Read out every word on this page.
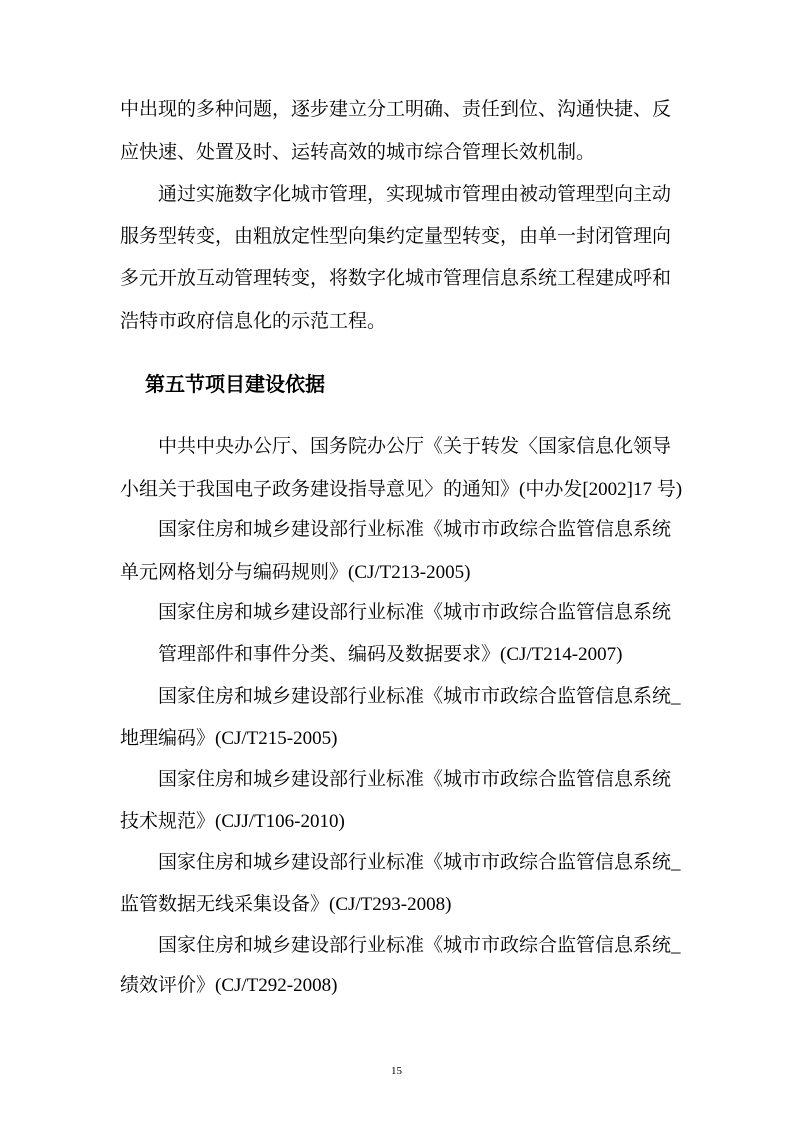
中出现的多种问题，逐步建立分工明确、责任到位、沟通快捷、反
应快速、处置及时、运转高效的城市综合管理长效机制。
通过实施数字化城市管理，实现城市管理由被动管理型向主动
服务型转变，由粗放定性型向集约定量型转变，由单一封闭管理向
多元开放互动管理转变，将数字化城市管理信息系统工程建成呼和
浩特市政府信息化的示范工程。
第五节项目建设依据
中共中央办公厅、国务院办公厅《关于转发〈国家信息化领导
小组关于我国电子政务建设指导意见〉的通知》(中办发[2002]17 号)
国家住房和城乡建设部行业标准《城市市政综合监管信息系统
单元网格划分与编码规则》(CJ/T213-2005)
国家住房和城乡建设部行业标准《城市市政综合监管信息系统
管理部件和事件分类、编码及数据要求》(CJ/T214-2007)
国家住房和城乡建设部行业标准《城市市政综合监管信息系统_
地理编码》(CJ/T215-2005)
国家住房和城乡建设部行业标准《城市市政综合监管信息系统
技术规范》(CJJ/T106-2010)
国家住房和城乡建设部行业标准《城市市政综合监管信息系统_
监管数据无线采集设备》(CJ/T293-2008)
国家住房和城乡建设部行业标准《城市市政综合监管信息系统_
绩效评价》(CJ/T292-2008)
15
